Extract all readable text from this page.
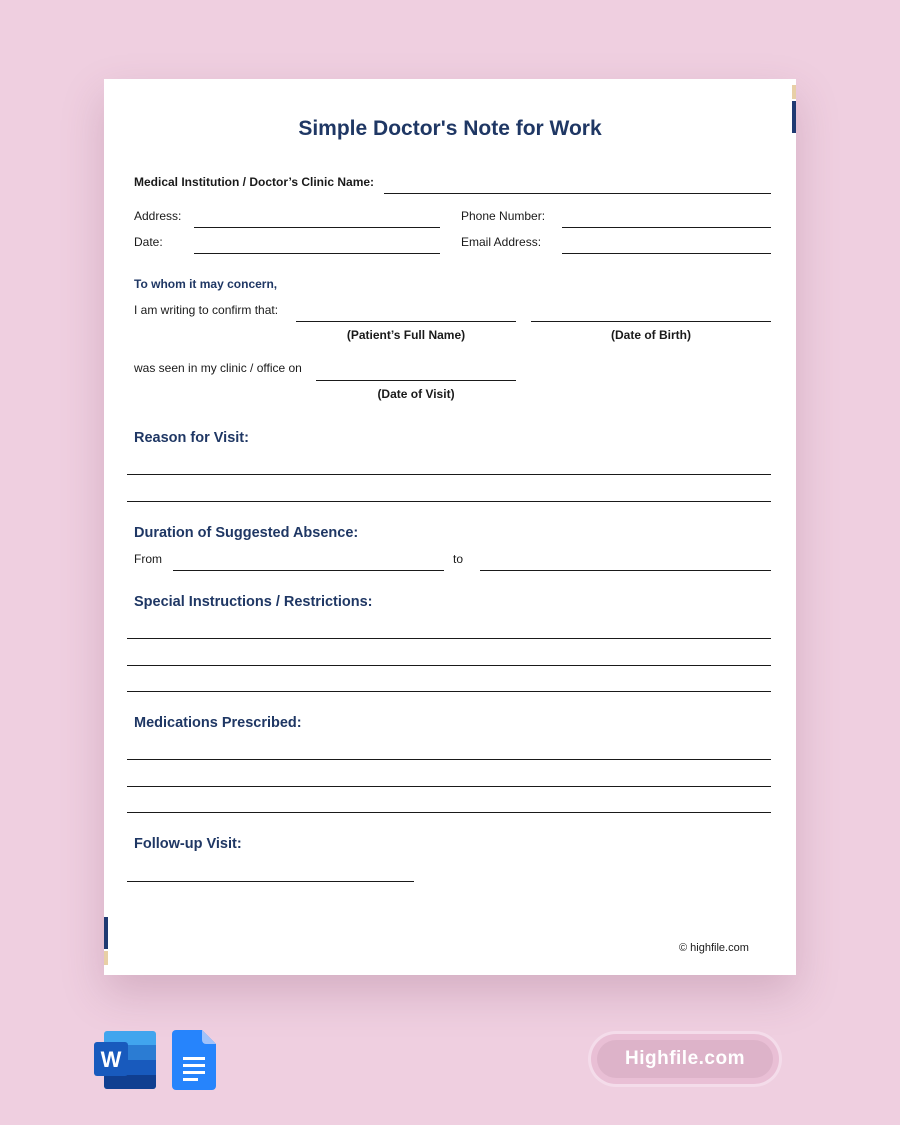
Simple Doctor's Note for Work
Medical Institution / Doctor’s Clinic Name:
Address:	Phone Number:
Date:	Email Address:
To whom it may concern,
I am writing to confirm that:
(Patient’s Full Name)	(Date of Birth)
was seen in my clinic / office on
(Date of Visit)
Reason for Visit:
Duration of Suggested Absence:
From	to
Special Instructions / Restrictions:
Medications Prescribed:
Follow-up Visit:
© highfile.com
W	Highfile.com
